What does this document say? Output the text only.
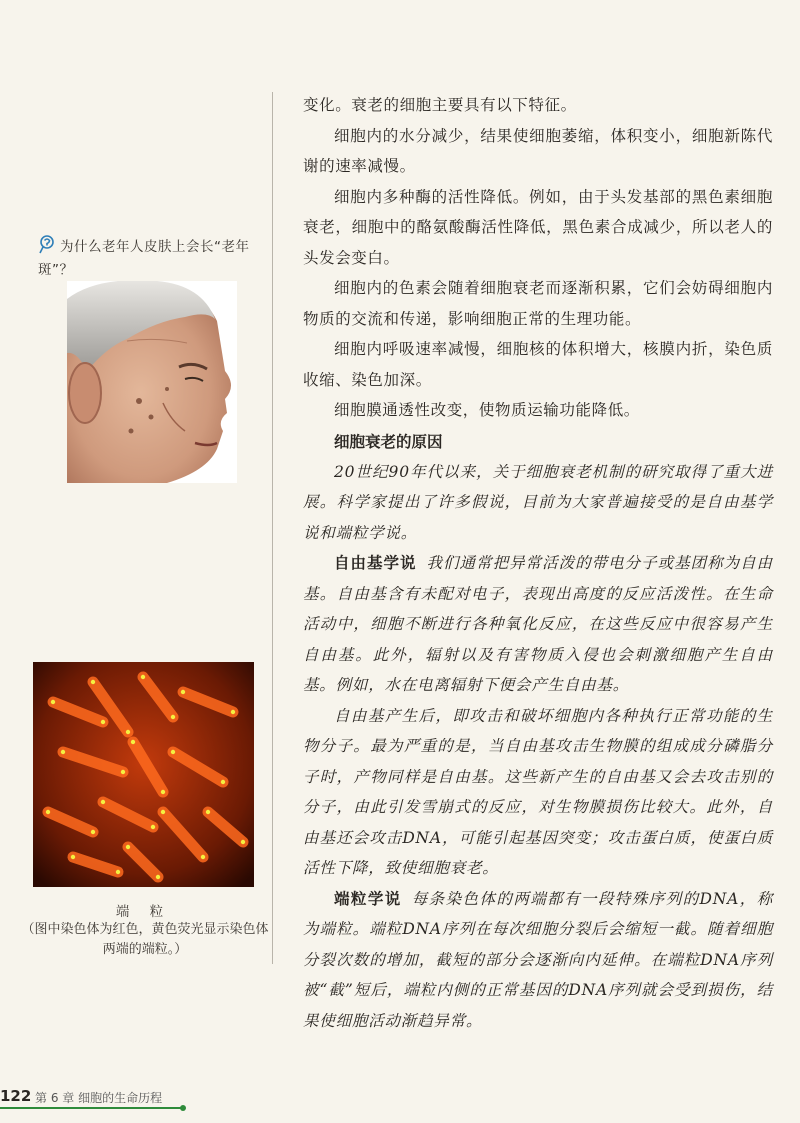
为什么老年人皮肤上会长“老年斑”？
端 粒
（图中染色体为红色，黄色荧光显示染色体两端的端粒。）

变化。衰老的细胞主要具有以下特征。

细胞内的水分减少，结果使细胞萎缩，体积变小，细胞新陈代谢的速率减慢。

细胞内多种酶的活性降低。例如，由于头发基部的黑色素细胞衰老，细胞中的酪氨酸酶活性降低，黑色素合成减少，所以老人的头发会变白。

细胞内的色素会随着细胞衰老而逐渐积累，它们会妨碍细胞内物质的交流和传递，影响细胞正常的生理功能。

细胞内呼吸速率减慢，细胞核的体积增大，核膜内折，染色质收缩、染色加深。

细胞膜通透性改变，使物质运输功能降低。

细胞衰老的原因

20世纪90年代以来，关于细胞衰老机制的研究取得了重大进展。科学家提出了许多假说，目前为大家普遍接受的是自由基学说和端粒学说。

自由基学说 我们通常把异常活泼的带电分子或基团称为自由基。自由基含有未配对电子，表现出高度的反应活泼性。在生命活动中，细胞不断进行各种氧化反应，在这些反应中很容易产生自由基。此外，辐射以及有害物质入侵也会刺激细胞产生自由基。例如，水在电离辐射下便会产生自由基。

自由基产生后，即攻击和破坏细胞内各种执行正常功能的生物分子。最为严重的是，当自由基攻击生物膜的组成成分磷脂分子时，产物同样是自由基。这些新产生的自由基又会去攻击别的分子，由此引发雪崩式的反应，对生物膜损伤比较大。此外，自由基还会攻击DNA，可能引起基因突变；攻击蛋白质，使蛋白质活性下降，致使细胞衰老。

端粒学说 每条染色体的两端都有一段特殊序列的DNA，称为端粒。端粒DNA序列在每次细胞分裂后会缩短一截。随着细胞分裂次数的增加，截短的部分会逐渐向内延伸。在端粒DNA序列被“截”短后，端粒内侧的正常基因的DNA序列就会受到损伤，结果使细胞活动渐趋异常。

122 第 6 章 细胞的生命历程
